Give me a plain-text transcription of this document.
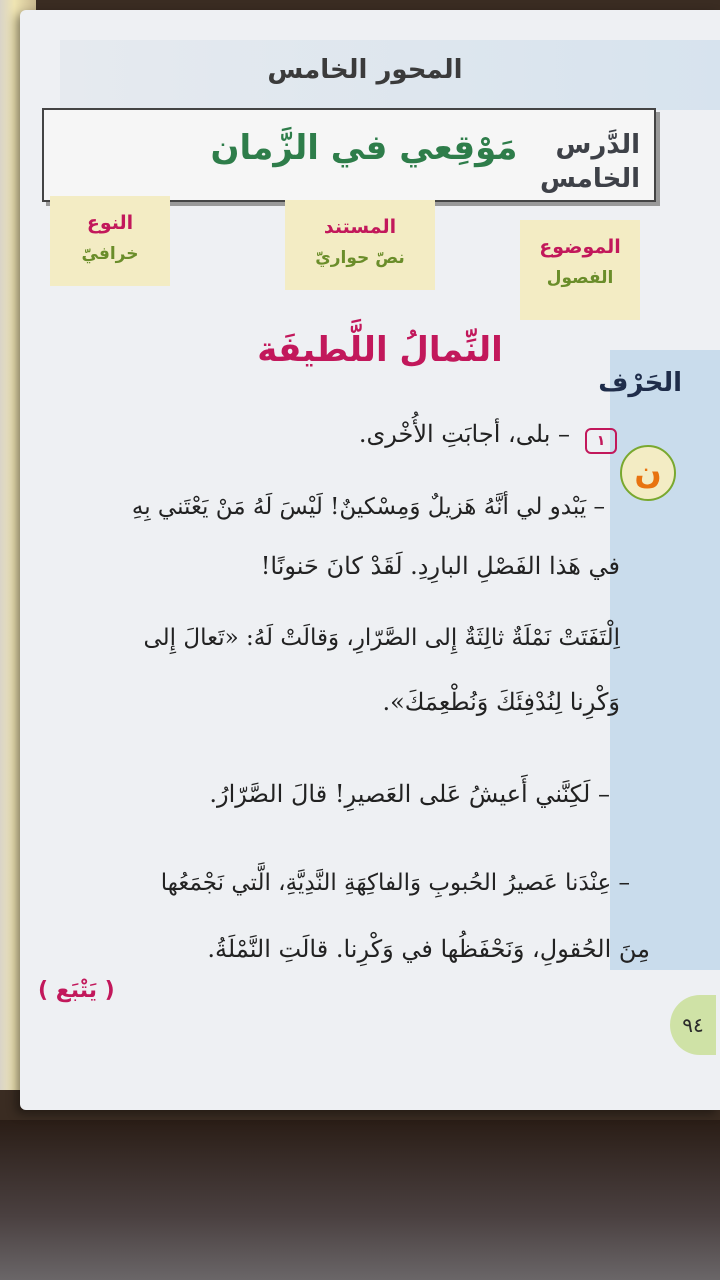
المحور الخامس
الدَّرس
الخامس
مَوْقِعي في الزَّمان
النوع
خرافيّ
المستند
نصّ حواريّ	الموضوع
الفصول
النِّمالُ اللَّطيفَة
الحَرْف
ن
١
– بلى، أجابَتِ الأُخْرى.
– يَبْدو لي أنَّهُ هَزيلٌ وَمِسْكينٌ! لَيْسَ لَهُ مَنْ يَعْتَني بِهِ
في هَذا الفَصْلِ البارِدِ. لَقَدْ كانَ حَنونًا!
اِلْتَفَتَتْ نَمْلَةٌ ثالِثَةٌ إِلى الصَّرّارِ، وَقالَتْ لَهُ: «تَعالَ إِلى
وَكْرِنا لِنُدْفِئَكَ وَنُطْعِمَكَ».
– لَكِنَّني أَعيشُ عَلى العَصيرِ! قالَ الصَّرّارُ.
– عِنْدَنا عَصيرُ الحُبوبِ وَالفاكِهَةِ النَّدِيَّةِ، الَّتي نَجْمَعُها
مِنَ الحُقولِ، وَنَحْفَظُها في وَكْرِنا. قالَتِ النَّمْلَةُ.
( يَتْبَع )
٩٤
